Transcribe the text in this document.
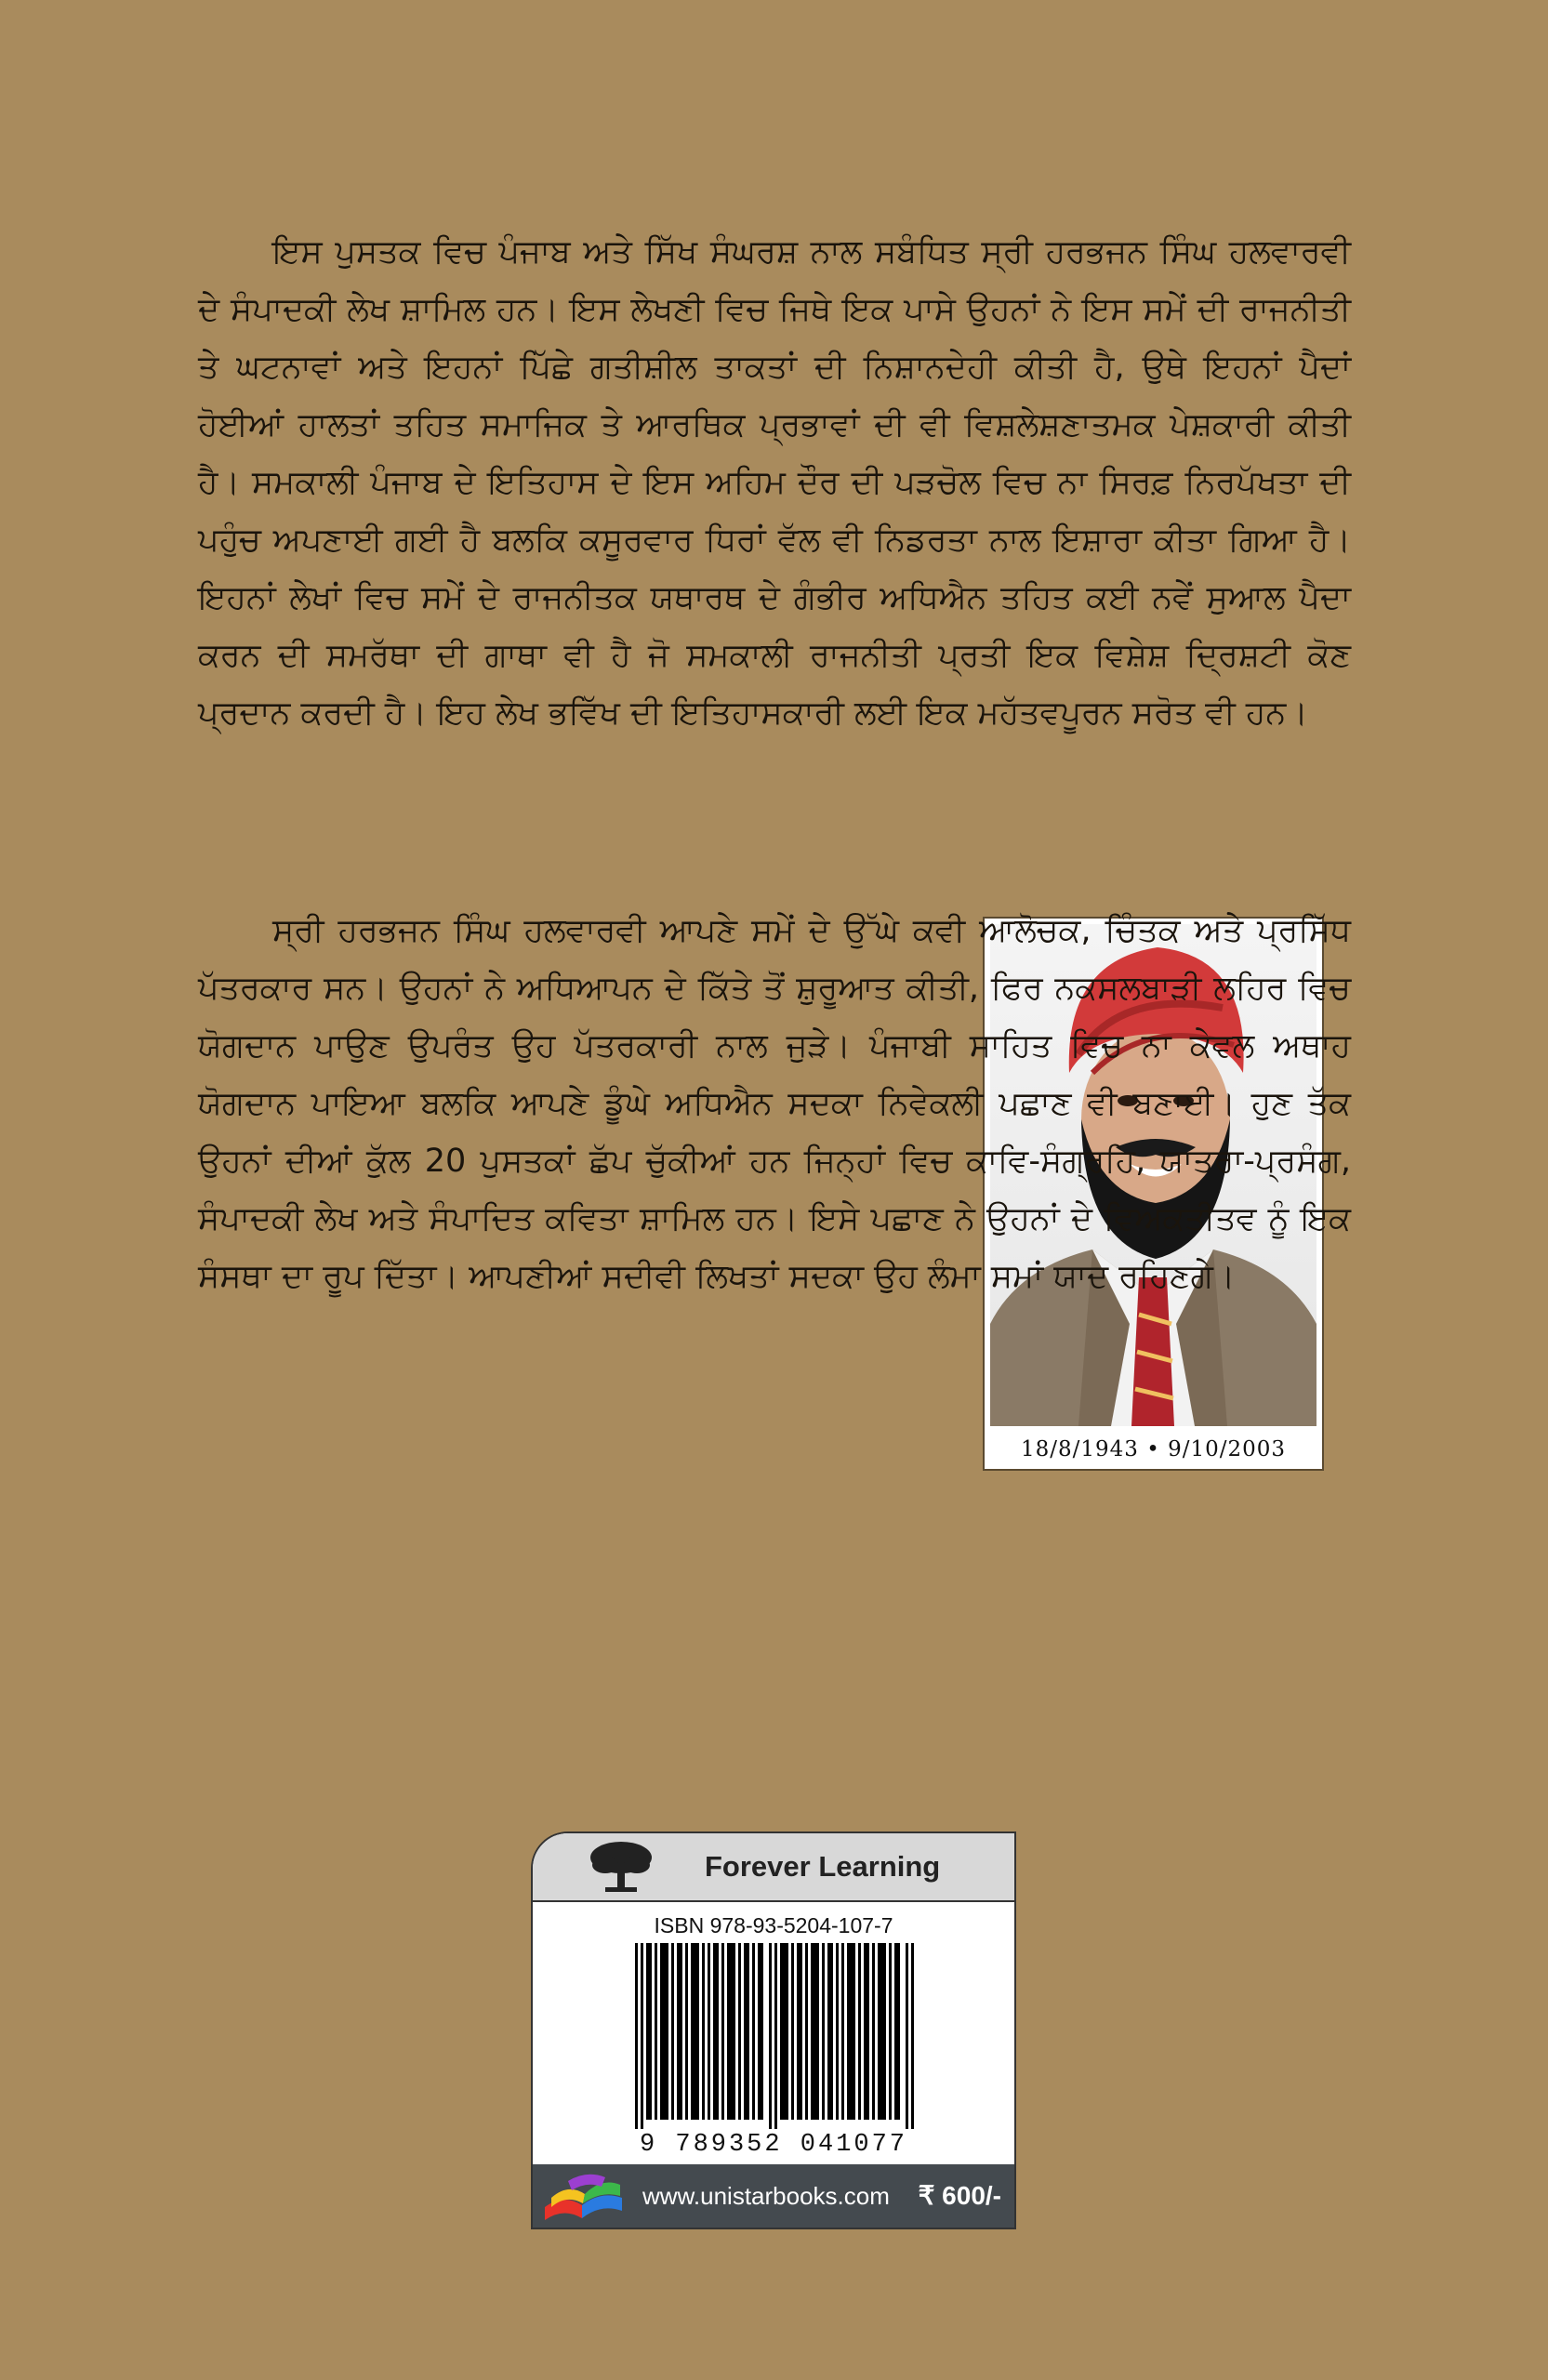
ਇਸ ਪੁਸਤਕ ਵਿਚ ਪੰਜਾਬ ਅਤੇ ਸਿੱਖ ਸੰਘਰਸ਼ ਨਾਲ ਸਬੰਧਿਤ ਸ੍ਰੀ ਹਰਭਜਨ ਸਿੰਘ ਹਲਵਾਰਵੀ ਦੇ ਸੰਪਾਦਕੀ ਲੇਖ ਸ਼ਾਮਿਲ ਹਨ। ਇਸ ਲੇਖਣੀ ਵਿਚ ਜਿਥੇ ਇਕ ਪਾਸੇ ਉਹਨਾਂ ਨੇ ਇਸ ਸਮੇਂ ਦੀ ਰਾਜਨੀਤੀ ਤੇ ਘਟਨਾਵਾਂ ਅਤੇ ਇਹਨਾਂ ਪਿੱਛੇ ਗਤੀਸ਼ੀਲ ਤਾਕਤਾਂ ਦੀ ਨਿਸ਼ਾਨਦੇਹੀ ਕੀਤੀ ਹੈ, ਉਥੇ ਇਹਨਾਂ ਪੈਦਾਂ ਹੋਈਆਂ ਹਾਲਤਾਂ ਤਹਿਤ ਸਮਾਜਿਕ ਤੇ ਆਰਥਿਕ ਪ੍ਰਭਾਵਾਂ ਦੀ ਵੀ ਵਿਸ਼ਲੇਸ਼ਣਾਤਮਕ ਪੇਸ਼ਕਾਰੀ ਕੀਤੀ ਹੈ। ਸਮਕਾਲੀ ਪੰਜਾਬ ਦੇ ਇਤਿਹਾਸ ਦੇ ਇਸ ਅਹਿਮ ਦੌਰ ਦੀ ਪੜਚੋਲ ਵਿਚ ਨਾ ਸਿਰਫ਼ ਨਿਰਪੱਖਤਾ ਦੀ ਪਹੁੰਚ ਅਪਣਾਈ ਗਈ ਹੈ ਬਲਕਿ ਕਸੂਰਵਾਰ ਧਿਰਾਂ ਵੱਲ ਵੀ ਨਿਡਰਤਾ ਨਾਲ ਇਸ਼ਾਰਾ ਕੀਤਾ ਗਿਆ ਹੈ। ਇਹਨਾਂ ਲੇਖਾਂ ਵਿਚ ਸਮੇਂ ਦੇ ਰਾਜਨੀਤਕ ਯਥਾਰਥ ਦੇ ਗੰਭੀਰ ਅਧਿਐਨ ਤਹਿਤ ਕਈ ਨਵੇਂ ਸੁਆਲ ਪੈਦਾ ਕਰਨ ਦੀ ਸਮਰੱਥਾ ਦੀ ਗਾਥਾ ਵੀ ਹੈ ਜੋ ਸਮਕਾਲੀ ਰਾਜਨੀਤੀ ਪ੍ਰਤੀ ਇਕ ਵਿਸ਼ੇਸ਼ ਦ੍ਰਿਸ਼ਟੀ ਕੋਣ ਪ੍ਰਦਾਨ ਕਰਦੀ ਹੈ। ਇਹ ਲੇਖ ਭਵਿੱਖ ਦੀ ਇਤਿਹਾਸਕਾਰੀ ਲਈ ਇਕ ਮਹੱਤਵਪੂਰਨ ਸਰੋਤ ਵੀ ਹਨ।
18/8/1943 • 9/10/2003
ਸ੍ਰੀ ਹਰਭਜਨ ਸਿੰਘ ਹਲਵਾਰਵੀ ਆਪਣੇ ਸਮੇਂ ਦੇ ਉੱਘੇ ਕਵੀ ਆਲੋਚਕ, ਚਿੰਤਕ ਅਤੇ ਪ੍ਰਸਿੱਧ ਪੱਤਰਕਾਰ ਸਨ। ਉਹਨਾਂ ਨੇ ਅਧਿਆਪਨ ਦੇ ਕਿੱਤੇ ਤੋਂ ਸ਼ੁਰੂਆਤ ਕੀਤੀ, ਫਿਰ ਨਕਸਲਬਾੜੀ ਲਹਿਰ ਵਿਚ ਯੋਗਦਾਨ ਪਾਉਣ ਉਪਰੰਤ ਉਹ ਪੱਤਰਕਾਰੀ ਨਾਲ ਜੁੜੇ। ਪੰਜਾਬੀ ਸਾਹਿਤ ਵਿਚ ਨਾ ਕੇਵਲ ਅਥਾਹ ਯੋਗਦਾਨ ਪਾਇਆ ਬਲਕਿ ਆਪਣੇ ਡੂੰਘੇ ਅਧਿਐਨ ਸਦਕਾ ਨਿਵੇਕਲੀ ਪਛਾਣ ਵੀ ਬਣਾਈ। ਹੁਣ ਤੱਕ ਉਹਨਾਂ ਦੀਆਂ ਕੁੱਲ 20 ਪੁਸਤਕਾਂ ਛੱਪ ਚੁੱਕੀਆਂ ਹਨ ਜਿਨ੍ਹਾਂ ਵਿਚ ਕਾਵਿ-ਸੰਗ੍ਰਹਿ, ਯਾਤਰਾ-ਪ੍ਰਸੰਗ, ਸੰਪਾਦਕੀ ਲੇਖ ਅਤੇ ਸੰਪਾਦਿਤ ਕਵਿਤਾ ਸ਼ਾਮਿਲ ਹਨ। ਇਸੇ ਪਛਾਣ ਨੇ ਉਹਨਾਂ ਦੇ ਵਿਅਕਤੀਤਵ ਨੂੰ ਇਕ ਸੰਸਥਾ ਦਾ ਰੂਪ ਦਿੱਤਾ। ਆਪਣੀਆਂ ਸਦੀਵੀ ਲਿਖਤਾਂ ਸਦਕਾ ਉਹ ਲੰਮਾ ਸਮਾਂ ਯਾਦ ਰਹਿਣਗੇ।
Forever Learning
ISBN 978-93-5204-107-7
9 789352 041077
www.unistarbooks.com ₹ 600/-
